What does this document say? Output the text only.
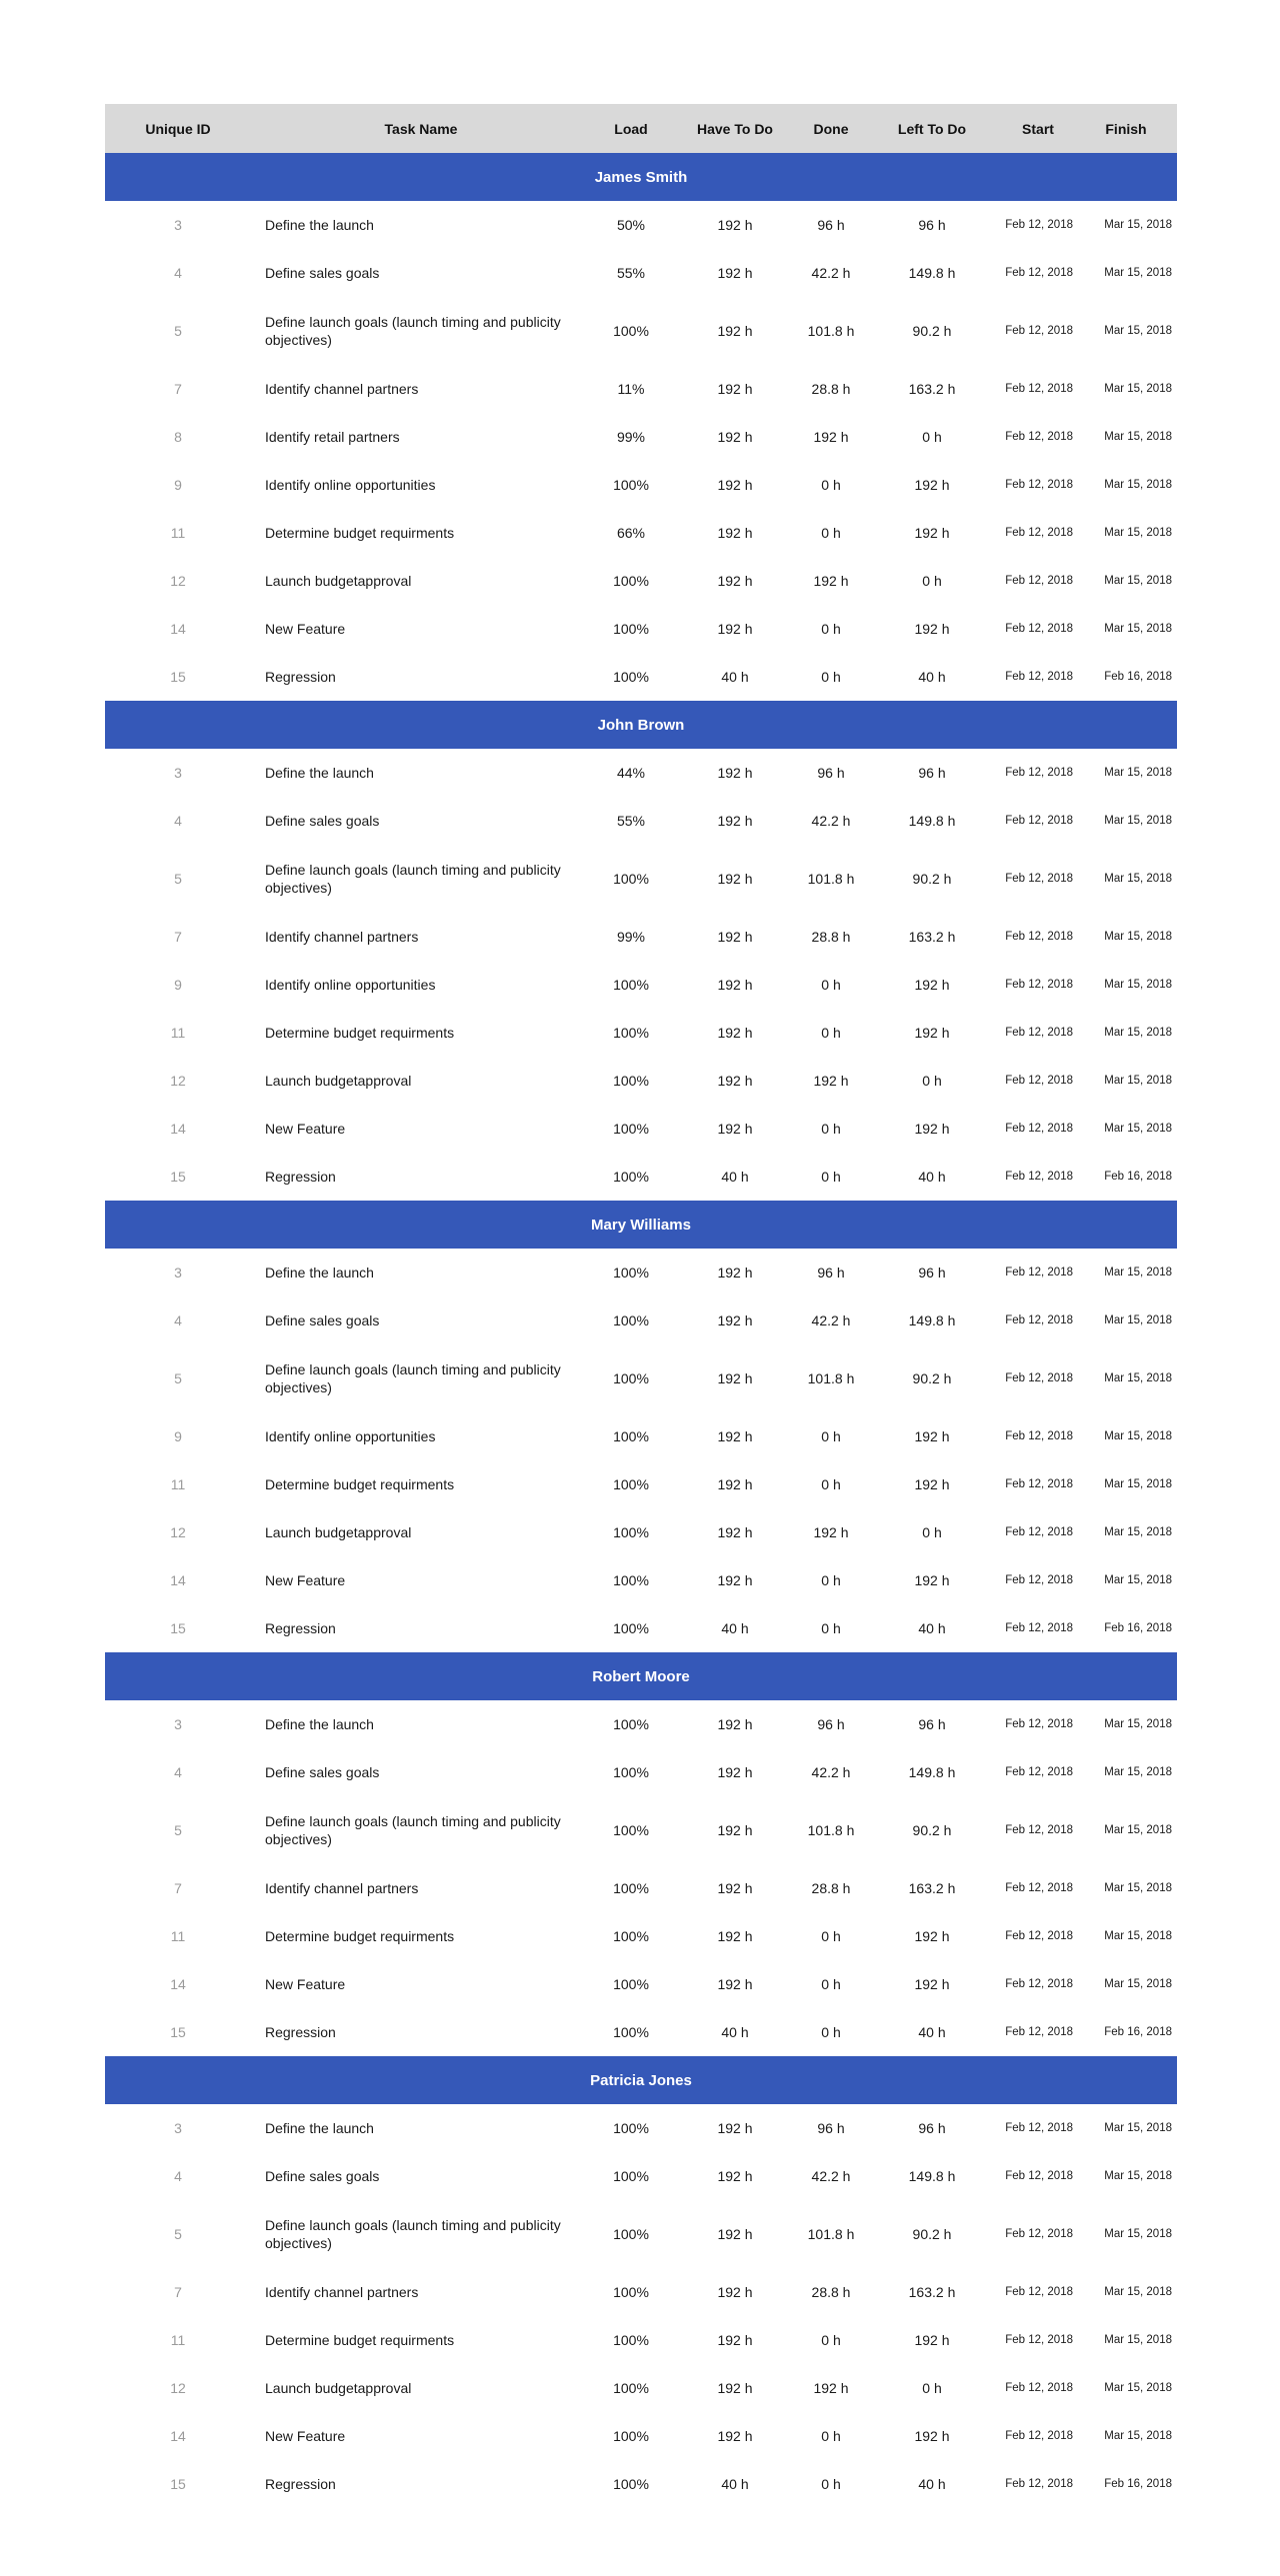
Unique ID	Task Name	Load	Have To Do	Done	Left To Do	Start	Finish
James Smith							
3	Define the launch	50%	192 h	96 h	96 h	Feb 12, 2018	Mar 15, 2018
4	Define sales goals	55%	192 h	42.2 h	149.8 h	Feb 12, 2018	Mar 15, 2018
5	Define launch goals (launch timing and publicity objectives)	100%	192 h	101.8 h	90.2 h	Feb 12, 2018	Mar 15, 2018
7	Identify channel partners	11%	192 h	28.8 h	163.2 h	Feb 12, 2018	Mar 15, 2018
8	Identify retail partners	99%	192 h	192 h	0 h	Feb 12, 2018	Mar 15, 2018
9	Identify online opportunities	100%	192 h	0 h	192 h	Feb 12, 2018	Mar 15, 2018
11	Determine budget requirments	66%	192 h	0 h	192 h	Feb 12, 2018	Mar 15, 2018
12	Launch budgetapproval	100%	192 h	192 h	0 h	Feb 12, 2018	Mar 15, 2018
14	New Feature	100%	192 h	0 h	192 h	Feb 12, 2018	Mar 15, 2018
15	Regression	100%	40 h	0 h	40 h	Feb 12, 2018	Feb 16, 2018
John Brown							
3	Define the launch	44%	192 h	96 h	96 h	Feb 12, 2018	Mar 15, 2018
4	Define sales goals	55%	192 h	42.2 h	149.8 h	Feb 12, 2018	Mar 15, 2018
5	Define launch goals (launch timing and publicity objectives)	100%	192 h	101.8 h	90.2 h	Feb 12, 2018	Mar 15, 2018
7	Identify channel partners	99%	192 h	28.8 h	163.2 h	Feb 12, 2018	Mar 15, 2018
9	Identify online opportunities	100%	192 h	0 h	192 h	Feb 12, 2018	Mar 15, 2018
11	Determine budget requirments	100%	192 h	0 h	192 h	Feb 12, 2018	Mar 15, 2018
12	Launch budgetapproval	100%	192 h	192 h	0 h	Feb 12, 2018	Mar 15, 2018
14	New Feature	100%	192 h	0 h	192 h	Feb 12, 2018	Mar 15, 2018
15	Regression	100%	40 h	0 h	40 h	Feb 12, 2018	Feb 16, 2018
Mary Williams							
3	Define the launch	100%	192 h	96 h	96 h	Feb 12, 2018	Mar 15, 2018
4	Define sales goals	100%	192 h	42.2 h	149.8 h	Feb 12, 2018	Mar 15, 2018
5	Define launch goals (launch timing and publicity objectives)	100%	192 h	101.8 h	90.2 h	Feb 12, 2018	Mar 15, 2018
9	Identify online opportunities	100%	192 h	0 h	192 h	Feb 12, 2018	Mar 15, 2018
11	Determine budget requirments	100%	192 h	0 h	192 h	Feb 12, 2018	Mar 15, 2018
12	Launch budgetapproval	100%	192 h	192 h	0 h	Feb 12, 2018	Mar 15, 2018
14	New Feature	100%	192 h	0 h	192 h	Feb 12, 2018	Mar 15, 2018
15	Regression	100%	40 h	0 h	40 h	Feb 12, 2018	Feb 16, 2018
Robert Moore							
3	Define the launch	100%	192 h	96 h	96 h	Feb 12, 2018	Mar 15, 2018
4	Define sales goals	100%	192 h	42.2 h	149.8 h	Feb 12, 2018	Mar 15, 2018
5	Define launch goals (launch timing and publicity objectives)	100%	192 h	101.8 h	90.2 h	Feb 12, 2018	Mar 15, 2018
7	Identify channel partners	100%	192 h	28.8 h	163.2 h	Feb 12, 2018	Mar 15, 2018
11	Determine budget requirments	100%	192 h	0 h	192 h	Feb 12, 2018	Mar 15, 2018
14	New Feature	100%	192 h	0 h	192 h	Feb 12, 2018	Mar 15, 2018
15	Regression	100%	40 h	0 h	40 h	Feb 12, 2018	Feb 16, 2018
Patricia Jones							
3	Define the launch	100%	192 h	96 h	96 h	Feb 12, 2018	Mar 15, 2018
4	Define sales goals	100%	192 h	42.2 h	149.8 h	Feb 12, 2018	Mar 15, 2018
5	Define launch goals (launch timing and publicity objectives)	100%	192 h	101.8 h	90.2 h	Feb 12, 2018	Mar 15, 2018
7	Identify channel partners	100%	192 h	28.8 h	163.2 h	Feb 12, 2018	Mar 15, 2018
11	Determine budget requirments	100%	192 h	0 h	192 h	Feb 12, 2018	Mar 15, 2018
12	Launch budgetapproval	100%	192 h	192 h	0 h	Feb 12, 2018	Mar 15, 2018
14	New Feature	100%	192 h	0 h	192 h	Feb 12, 2018	Mar 15, 2018
15	Regression	100%	40 h	0 h	40 h	Feb 12, 2018	Feb 16, 2018
